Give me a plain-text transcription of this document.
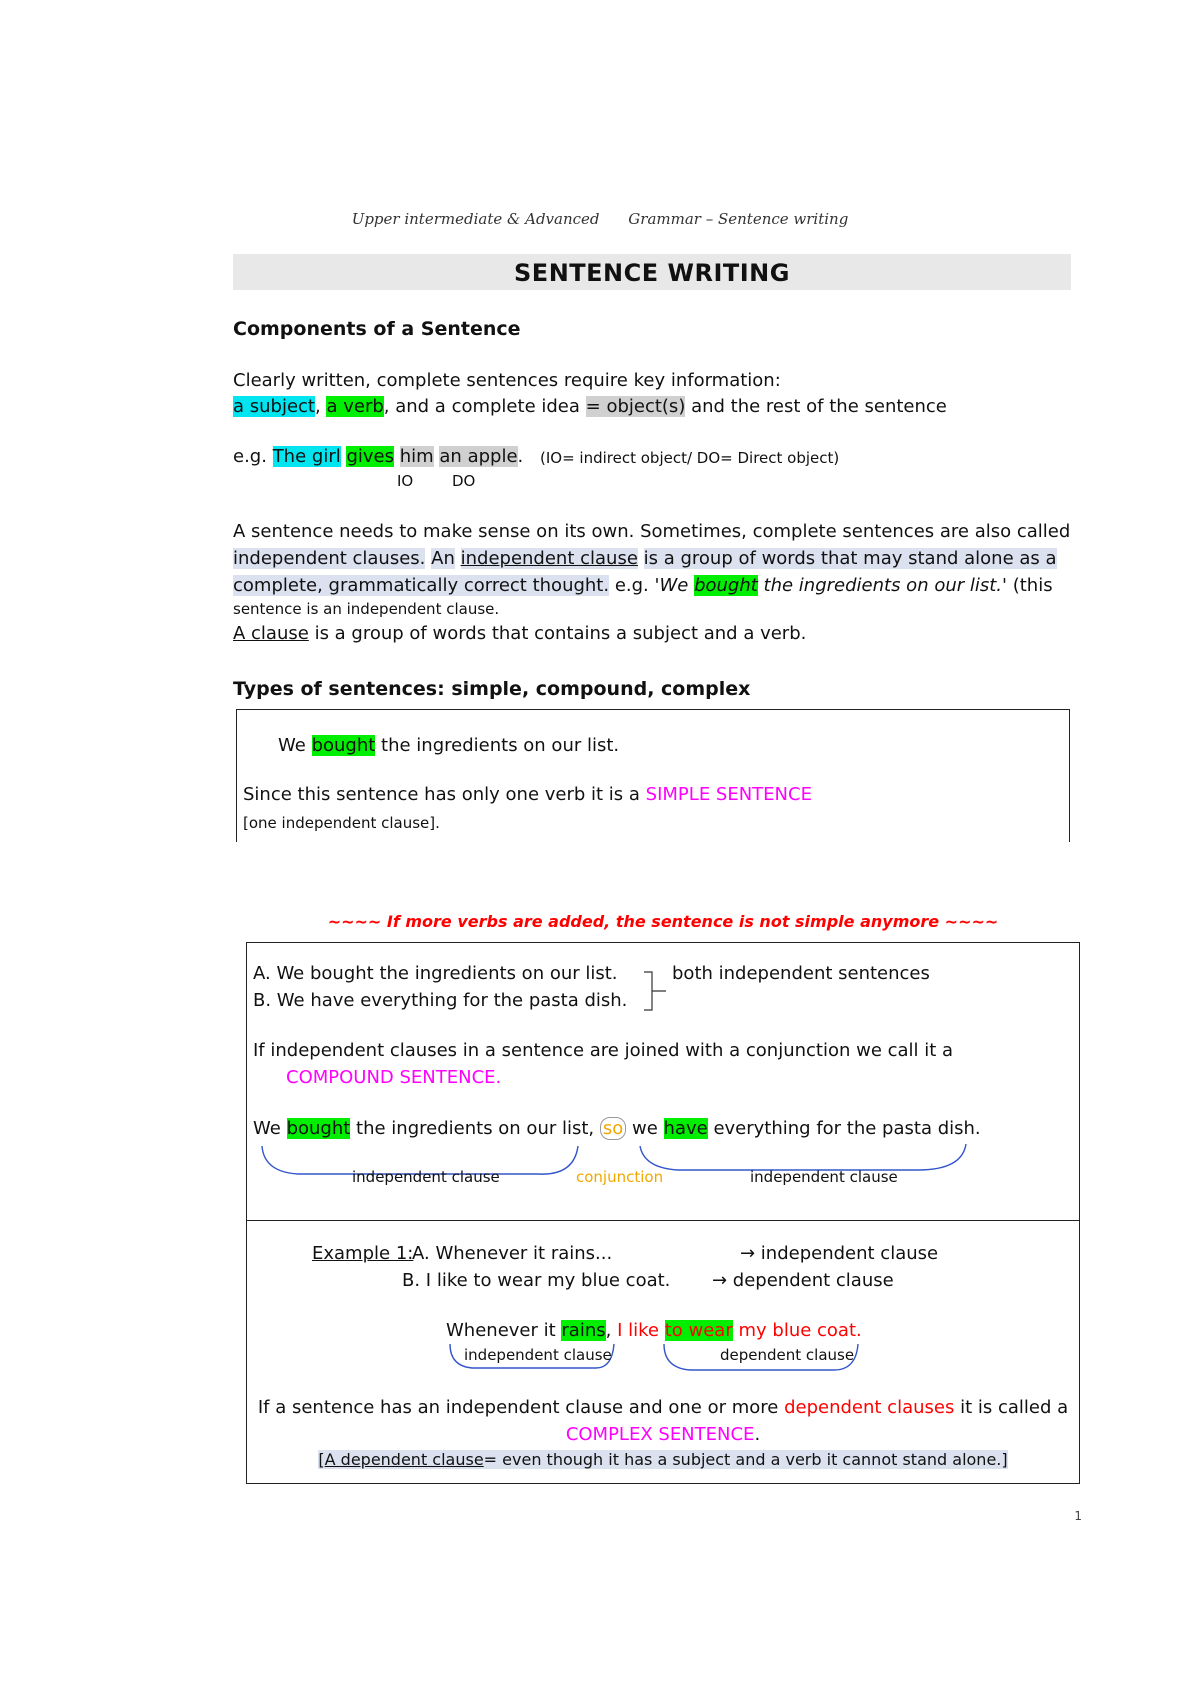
Upper intermediate & Advanced Grammar – Sentence writing
SENTENCE WRITING
Components of a Sentence
Clearly written, complete sentences require key information:
a subject, a verb, and a complete idea = object(s) and the rest of the sentence
e.g. The girl gives him an apple. (IO= indirect object/ DO= Direct object)
IO	DO
A sentence needs to make sense on its own. Sometimes, complete sentences are also called
independent clauses. An independent clause is a group of words that may stand alone as a
complete, grammatically correct thought. e.g. 'We bought the ingredients on our list.' (this
sentence is an independent clause.
A clause is a group of words that contains a subject and a verb.
Types of sentences: simple, compound, complex
We bought the ingredients on our list.
Since this sentence has only one verb it is a SIMPLE SENTENCE
[one independent clause].
~~~~ If more verbs are added, the sentence is not simple anymore ~~~~
A. We bought the ingredients on our list.
B. We have everything for the pasta dish.
both independent sentences
If independent clauses in a sentence are joined with a conjunction we call it a
COMPOUND SENTENCE.
We bought the ingredients on our list, so we have everything for the pasta dish.
independent clause	conjunction	independent clause
Example 1:
A. Whenever it rains...	→ independent clause
B. I like to wear my blue coat. → dependent clause
Whenever it rains, I like to wear my blue coat.
independent clause	dependent clause
If a sentence has an independent clause and one or more dependent clauses it is called a
COMPLEX SENTENCE.
[A dependent clause= even though it has a subject and a verb it cannot stand alone.]
1
